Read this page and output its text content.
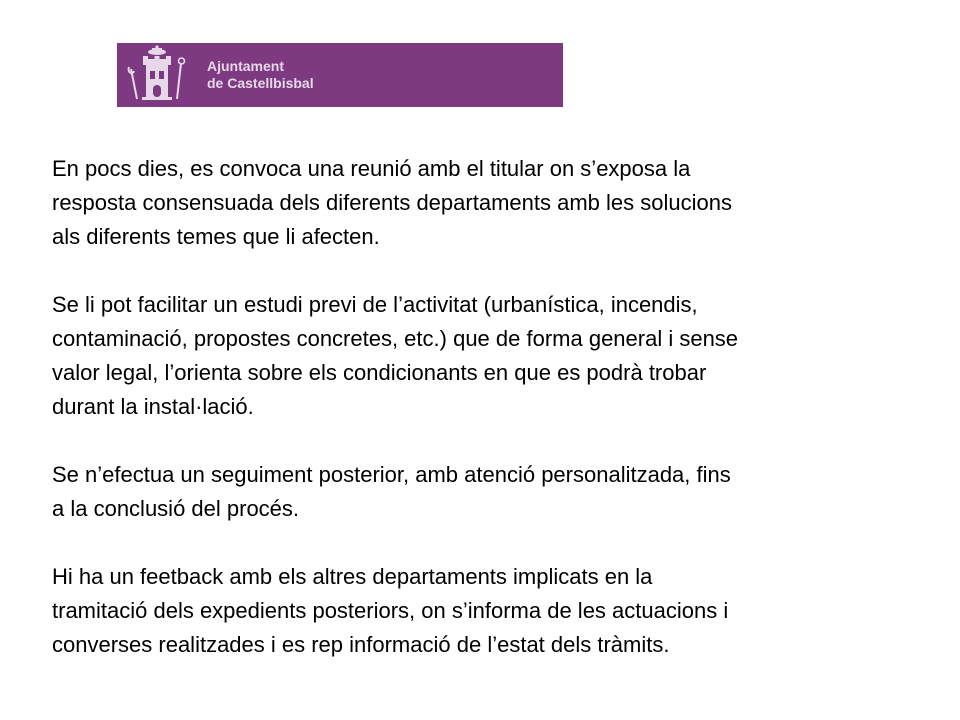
Ajuntament
de Castellbisbal

En pocs dies, es convoca una reunió amb el titular on s’exposa la
resposta consensuada dels diferents departaments amb les solucions
als diferents temes que li afecten.

Se li pot facilitar un estudi previ de l’activitat (urbanística, incendis,
contaminació, propostes concretes, etc.) que de forma general i sense
valor legal, l’orienta sobre els condicionants en que es podrà trobar
durant la instal·lació.

Se n’efectua un seguiment posterior, amb atenció personalitzada, fins
a la conclusió del procés.

Hi ha un feetback amb els altres departaments implicats en la
tramitació dels expedients posteriors, on s’informa de les actuacions i
converses realitzades i es rep informació de l’estat dels tràmits.
